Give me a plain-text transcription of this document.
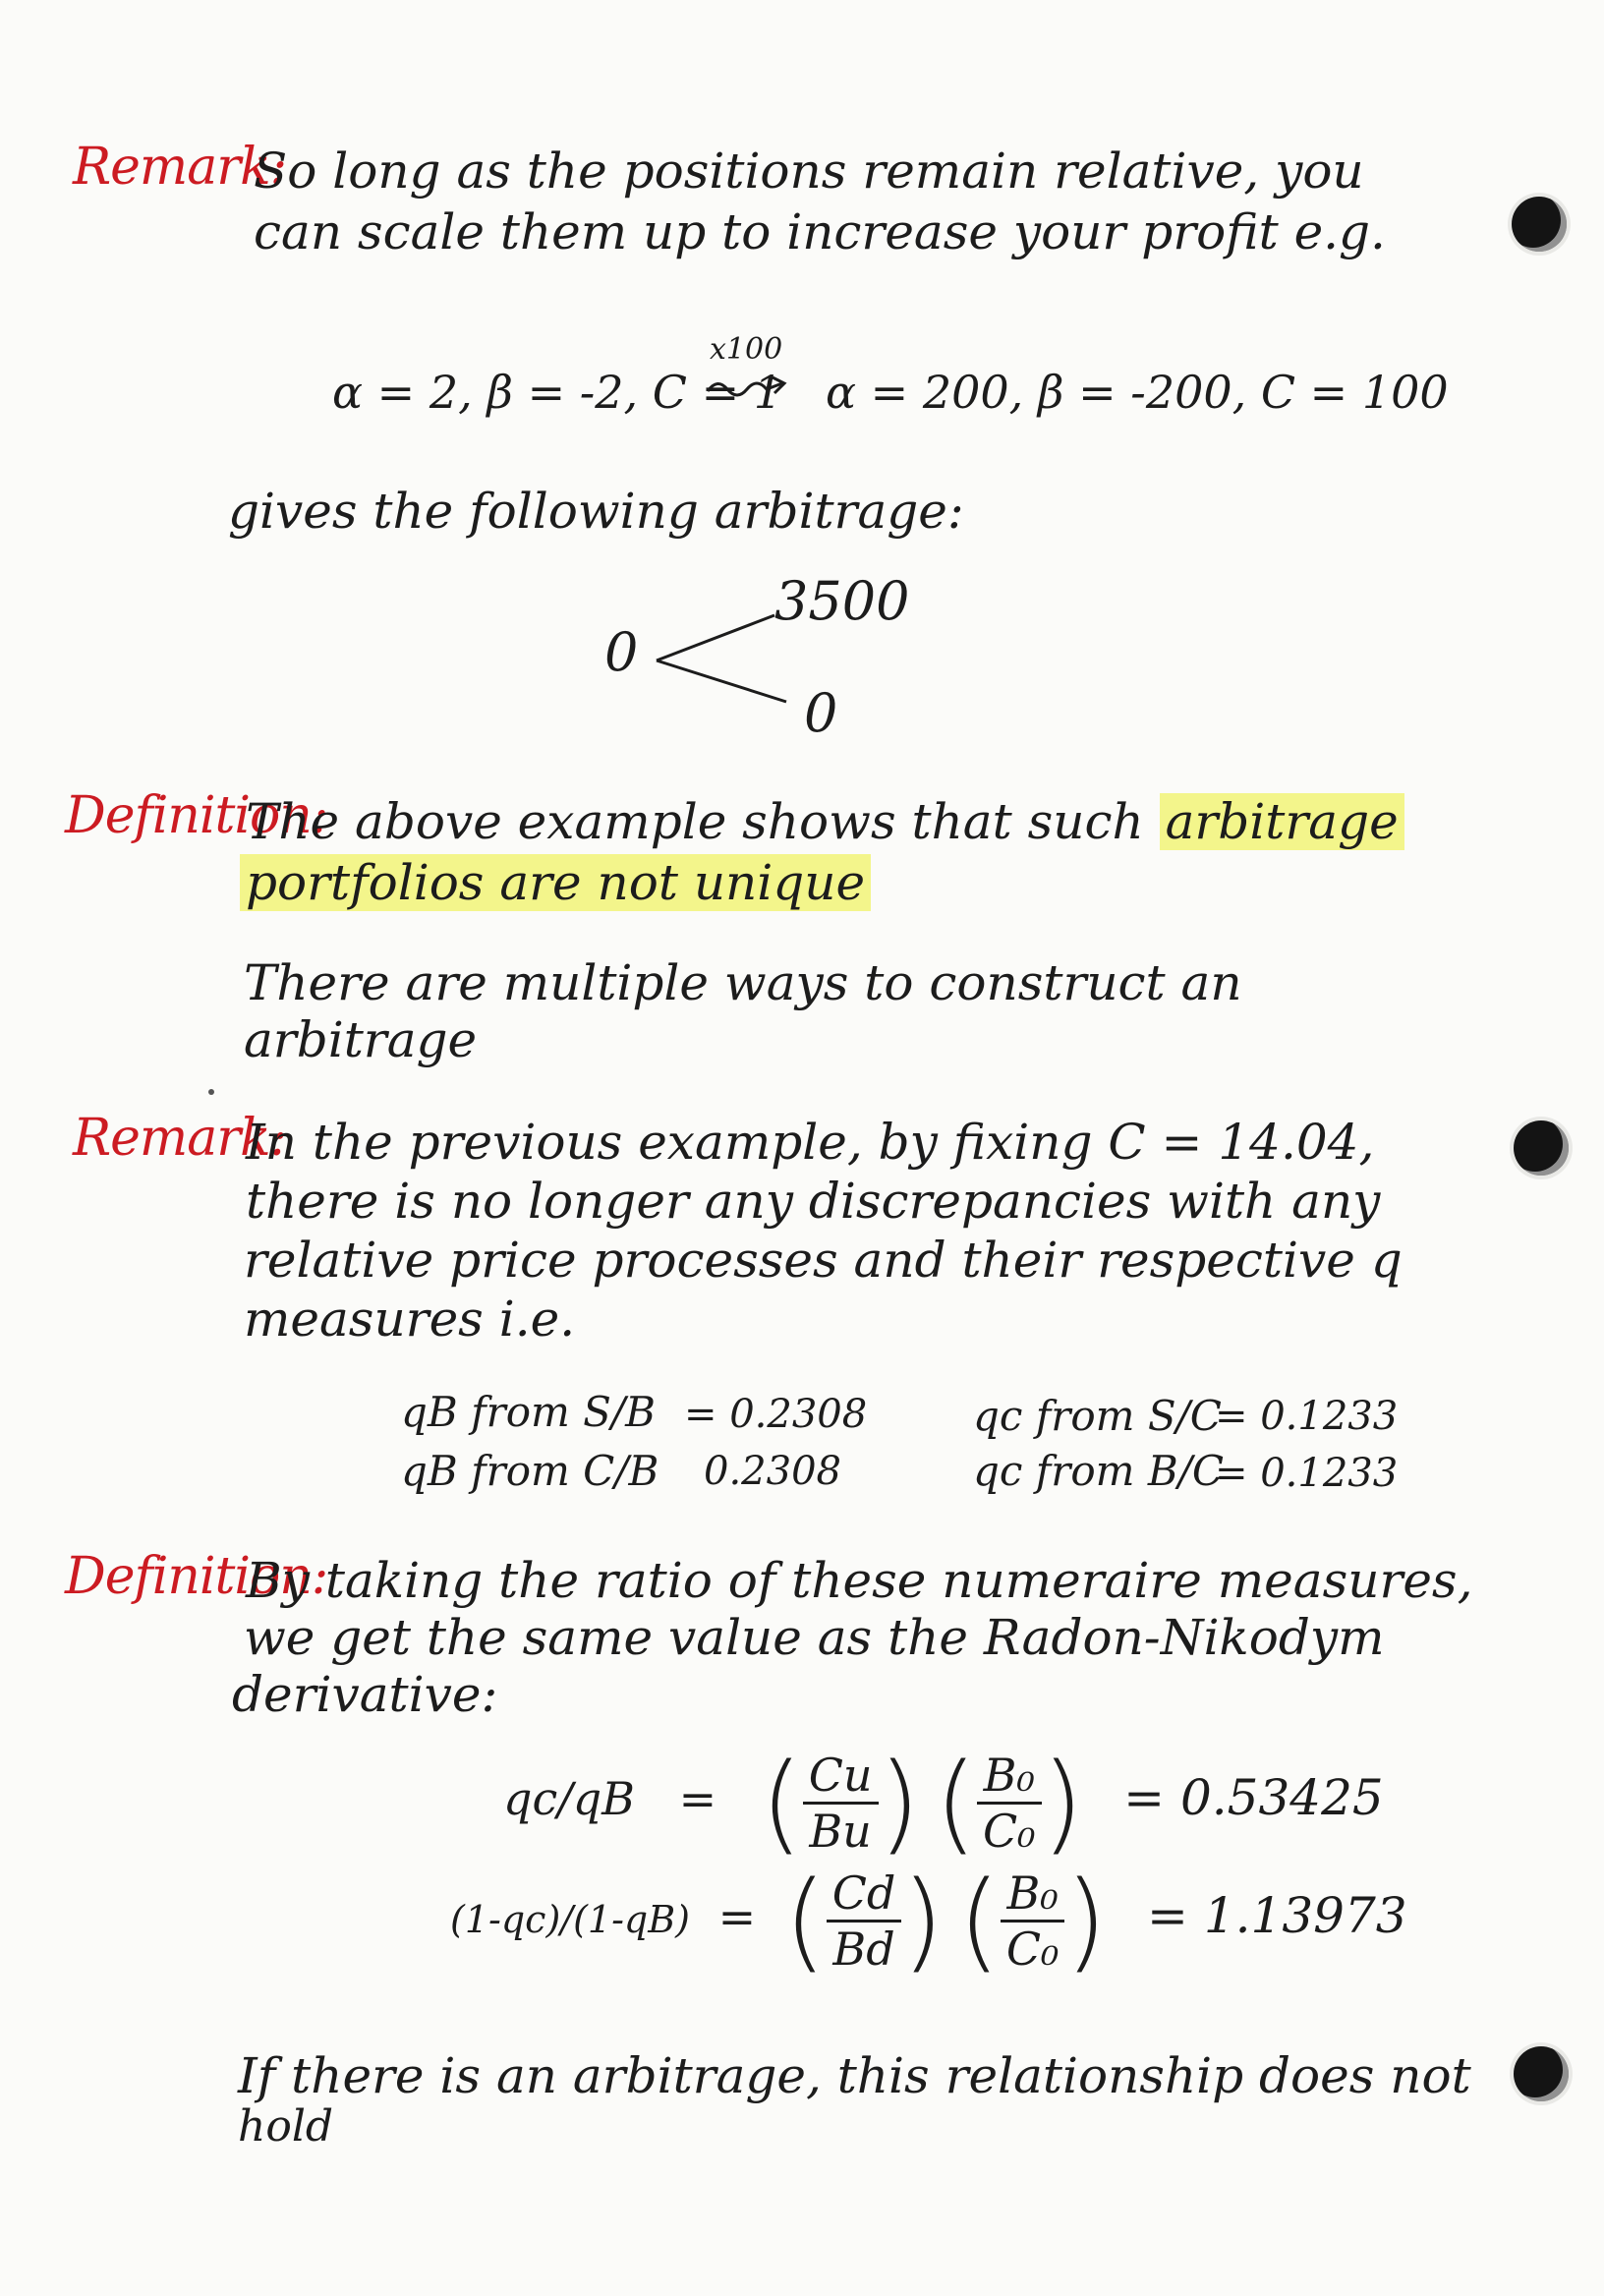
Remark:
So long as the positions remain relative, you
can scale them up to increase your profit e.g.
α = 2, β = -2, C = 1
x100
α = 200, β = -200, C = 100
gives the following arbitrage:
0
3500
0
Definition:
The above example shows that such arbitrage
portfolios are not unique
There are multiple ways to construct an
arbitrage
Remark:
In the previous example, by fixing C = 14.04,
there is no longer any discrepancies with any
relative price processes and their respective q
measures i.e.
qB from S/B = 0.2308
qB from C/B 0.2308
qc from S/C
= 0.1233
qc from B/C
= 0.1233
Definition:
By taking the ratio of these numeraire measures,
we get the same value as the Radon-Nikodym
derivative:
qc/qB = ( $\frac{Cu}{Bu}$ ) ( $\frac{\text{B₀}}{\text{C₀}}$ ) = 0.53425
(1-qc)/(1-qB) = ( $\frac{Cd}{Bd}$ ) ( $\frac{\text{B₀}}{\text{C₀}}$ ) = 1.13973
If there is an arbitrage, this relationship does not
hold
